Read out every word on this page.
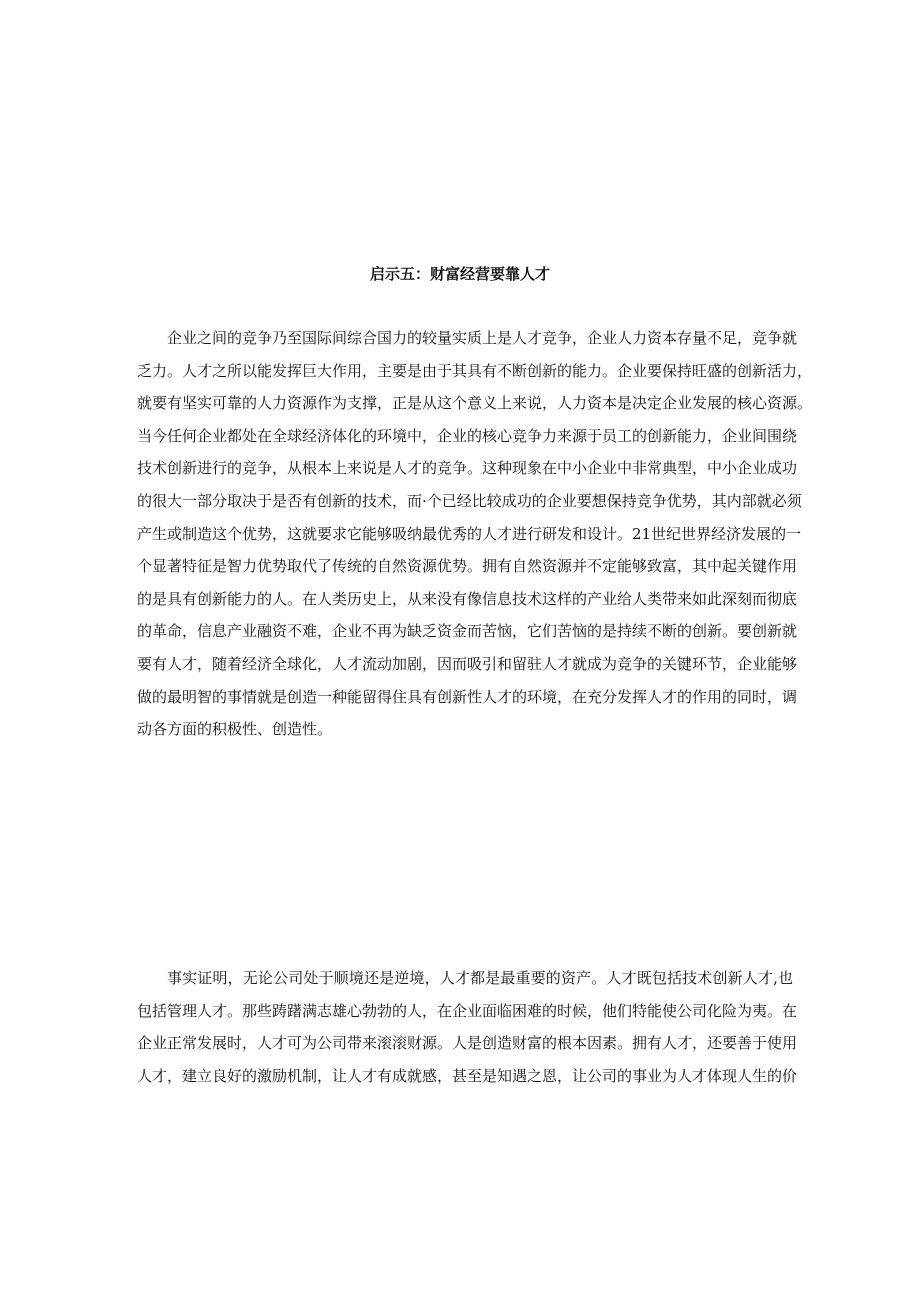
启示五：财富经营要靠人才
企业之间的竞争乃至国际间综合国力的较量实质上是人才竞争，企业人力资本存量不足，竞争就
乏力。人才之所以能发挥巨大作用，主要是由于其具有不断创新的能力。企业要保持旺盛的创新活力，
就要有坚实可靠的人力资源作为支撑，正是从这个意义上来说，人力资本是决定企业发展的核心资源。
当今任何企业都处在全球经济体化的环境中，企业的核心竞争力来源于员工的创新能力，企业间围绕
技术创新进行的竞争，从根本上来说是人才的竞争。这种现象在中小企业中非常典型，中小企业成功
的很大一部分取决于是否有创新的技术，而·个已经比较成功的企业要想保持竞争优势，其内部就必须
产生或制造这个优势，这就要求它能够吸纳最优秀的人才进行研发和设计。21世纪世界经济发展的一
个显著特征是智力优势取代了传统的自然资源优势。拥有自然资源并不定能够致富，其中起关键作用
的是具有创新能力的人。在人类历史上，从来没有像信息技术这样的产业给人类带来如此深刻而彻底
的革命，信息产业融资不难，企业不再为缺乏资金而苦恼，它们苦恼的是持续不断的创新。要创新就
要有人才，随着经济全球化，人才流动加剧，因而吸引和留驻人才就成为竞争的关键环节，企业能够
做的最明智的事情就是创造一种能留得住具有创新性人才的环境，在充分发挥人才的作用的同时，调
动各方面的积极性、创造性。
事实证明，无论公司处于顺境还是逆境，人才都是最重要的资产。人才既包括技术创新人才,也
包括管理人才。那些踌躇满志雄心勃勃的人，在企业面临困难的时候，他们特能使公司化险为夷。在
企业正常发展时，人才可为公司带来滚滚财源。人是创造财富的根本因素。拥有人才，还要善于使用
人才，建立良好的激励机制，让人才有成就感，甚至是知遇之恩，让公司的事业为人才体现人生的价
